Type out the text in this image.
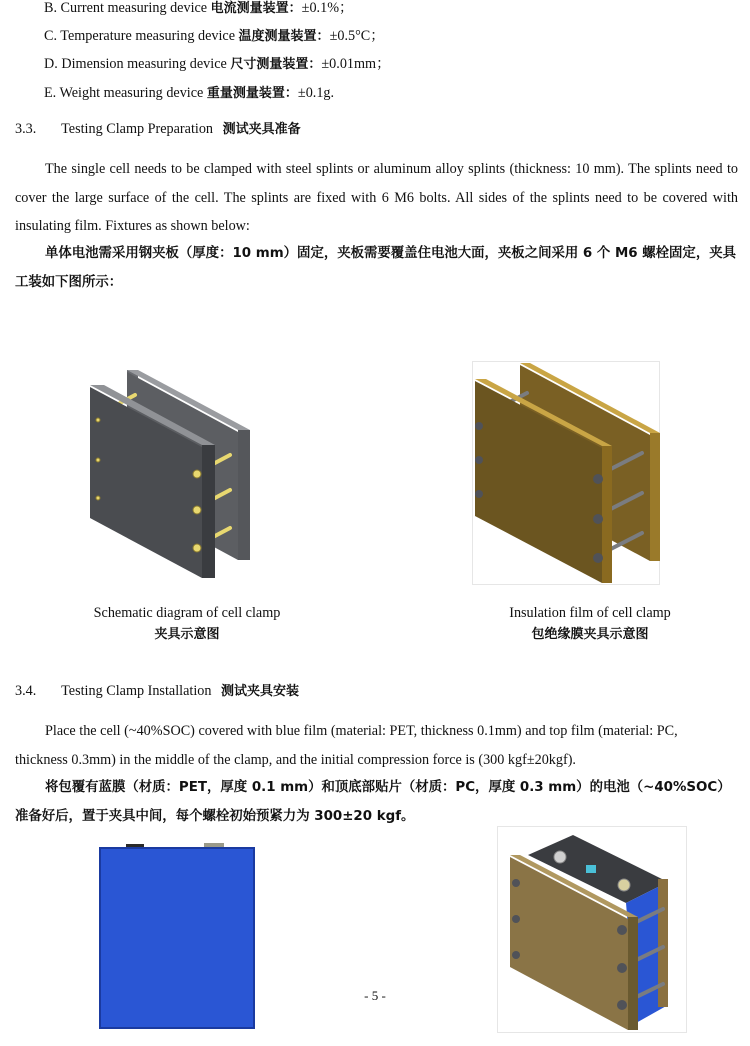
B. Current measuring device 电流测量装置：±0.1%；
C. Temperature measuring device 温度测量装置：±0.5°C；
D. Dimension measuring device 尺寸测量装置：±0.01mm；
E. Weight measuring device 重量测量装置：±0.1g.
3.3. Testing Clamp Preparation 测试夹具准备
The single cell needs to be clamped with steel splints or aluminum alloy splints (thickness: 10 mm). The splints need to cover the large surface of the cell. The splints are fixed with 6 M6 bolts. All sides of the splints need to be covered with insulating film. Fixtures as shown below:
单体电池需采用钢夹板（厚度：10 mm）固定，夹板需要覆盖住电池大面，夹板之间采用 6 个 M6 螺栓固定，夹具工装如下图所示：
Schematic diagram of cell clamp
夹具示意图
Insulation film of cell clamp
包绝缘膜夹具示意图
3.4. Testing Clamp Installation 测试夹具安装
Place the cell (~40%SOC) covered with blue film (material: PET, thickness 0.1mm) and top film (material: PC, thickness 0.3mm) in the middle of the clamp, and the initial compression force is (300 kgf±20kgf).
将包覆有蓝膜（材质：PET，厚度 0.1 mm）和顶底部贴片（材质：PC，厚度 0.3 mm）的电池（~40%SOC）准备好后，置于夹具中间，每个螺栓初始预紧力为 300±20 kgf。
- 5 -
